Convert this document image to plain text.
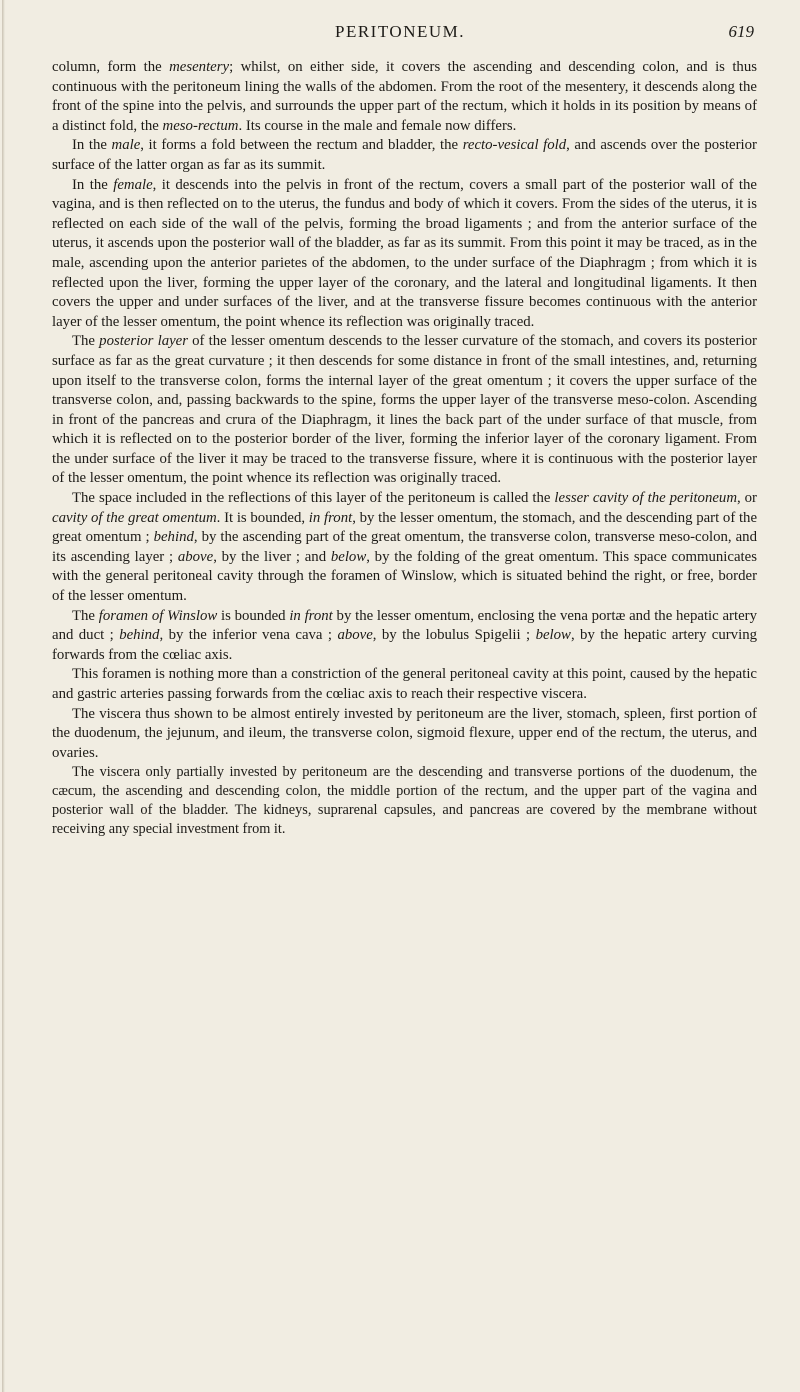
PERITONEUM.	619

column, form the mesentery; whilst, on either side, it covers the ascending and descending colon, and is thus continuous with the peritoneum lining the walls of the abdomen. From the root of the mesentery, it descends along the front of the spine into the pelvis, and surrounds the upper part of the rectum, which it holds in its position by means of a distinct fold, the meso-rectum. Its course in the male and female now differs.

In the male, it forms a fold between the rectum and bladder, the recto-vesical fold, and ascends over the posterior surface of the latter organ as far as its summit.

In the female, it descends into the pelvis in front of the rectum, covers a small part of the posterior wall of the vagina, and is then reflected on to the uterus, the fundus and body of which it covers. From the sides of the uterus, it is reflected on each side of the wall of the pelvis, forming the broad ligaments ; and from the anterior surface of the uterus, it ascends upon the posterior wall of the bladder, as far as its summit. From this point it may be traced, as in the male, ascending upon the anterior parietes of the abdomen, to the under surface of the Diaphragm ; from which it is reflected upon the liver, forming the upper layer of the coronary, and the lateral and longitudinal ligaments. It then covers the upper and under surfaces of the liver, and at the transverse fissure becomes continuous with the anterior layer of the lesser omentum, the point whence its reflection was originally traced.

The posterior layer of the lesser omentum descends to the lesser curvature of the stomach, and covers its posterior surface as far as the great curvature ; it then descends for some distance in front of the small intestines, and, returning upon itself to the transverse colon, forms the internal layer of the great omentum ; it covers the upper surface of the transverse colon, and, passing backwards to the spine, forms the upper layer of the transverse meso-colon. Ascending in front of the pancreas and crura of the Diaphragm, it lines the back part of the under surface of that muscle, from which it is reflected on to the posterior border of the liver, forming the inferior layer of the coronary ligament. From the under surface of the liver it may be traced to the transverse fissure, where it is continuous with the posterior layer of the lesser omentum, the point whence its reflection was originally traced.

The space included in the reflections of this layer of the peritoneum is called the lesser cavity of the peritoneum, or cavity of the great omentum. It is bounded, in front, by the lesser omentum, the stomach, and the descending part of the great omentum ; behind, by the ascending part of the great omentum, the transverse colon, transverse meso-colon, and its ascending layer ; above, by the liver ; and below, by the folding of the great omentum. This space communicates with the general peritoneal cavity through the foramen of Winslow, which is situated behind the right, or free, border of the lesser omentum.

The foramen of Winslow is bounded in front by the lesser omentum, enclosing the vena portæ and the hepatic artery and duct ; behind, by the inferior vena cava ; above, by the lobulus Spigelii ; below, by the hepatic artery curving forwards from the cœliac axis.

This foramen is nothing more than a constriction of the general peritoneal cavity at this point, caused by the hepatic and gastric arteries passing forwards from the cœliac axis to reach their respective viscera.

The viscera thus shown to be almost entirely invested by peritoneum are the liver, stomach, spleen, first portion of the duodenum, the jejunum, and ileum, the transverse colon, sigmoid flexure, upper end of the rectum, the uterus, and ovaries.

The viscera only partially invested by peritoneum are the descending and transverse portions of the duodenum, the cæcum, the ascending and descending colon, the middle portion of the rectum, and the upper part of the vagina and posterior wall of the bladder. The kidneys, suprarenal capsules, and pancreas are covered by the membrane without receiving any special investment from it.
